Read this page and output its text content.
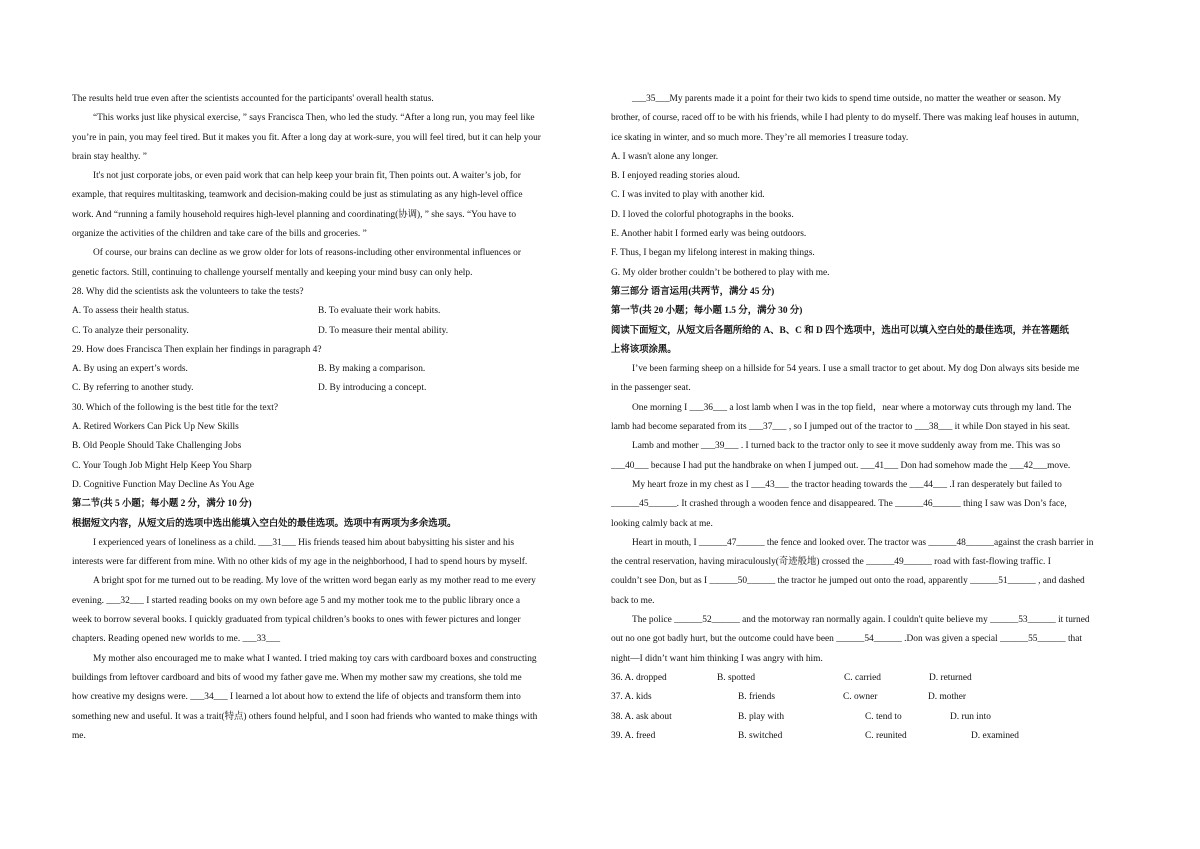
The results held true even after the scientists accounted for the participants' overall health status.
“This works just like physical exercise, ” says Francisca Then, who led the study. “After a long run, you may feel like
you’re in pain, you may feel tired. But it makes you fit. After a long day at work-sure, you will feel tired, but it can help your
brain stay healthy. ”
It's not just corporate jobs, or even paid work that can help keep your brain fit, Then points out. A waiter’s job, for
example, that requires multitasking, teamwork and decision-making could be just as stimulating as any high-level office
work. And “running a family household requires high-level planning and coordinating(协调), ” she says. “You have to
organize the activities of the children and take care of the bills and groceries. ”
Of course, our brains can decline as we grow older for lots of reasons-including other environmental influences or
genetic factors. Still, continuing to challenge yourself mentally and keeping your mind busy can only help.
28. Why did the scientists ask the volunteers to take the tests?
A. To assess their health status.	B. To evaluate their work habits.
C. To analyze their personality.	D. To measure their mental ability.
29. How does Francisca Then explain her findings in paragraph 4?
A. By using an expert’s words.	B. By making a comparison.
C. By referring to another study.	D. By introducing a concept.
30. Which of the following is the best title for the text?
A. Retired Workers Can Pick Up New Skills
B. Old People Should Take Challenging Jobs
C. Your Tough Job Might Help Keep You Sharp
D. Cognitive Function May Decline As You Age
第二节(共 5 小题；每小题 2 分，满分 10 分)
根据短文内容，从短文后的选项中选出能填入空白处的最佳选项。选项中有两项为多余选项。
I experienced years of loneliness as a child. ___31___ His friends teased him about babysitting his sister and his
interests were far different from mine. With no other kids of my age in the neighborhood, I had to spend hours by myself.
A bright spot for me turned out to be reading. My love of the written word began early as my mother read to me every
evening. ___32___ I started reading books on my own before age 5 and my mother took me to the public library once a
week to borrow several books. I quickly graduated from typical children’s books to ones with fewer pictures and longer
chapters. Reading opened new worlds to me. ___33___
My mother also encouraged me to make what I wanted. I tried making toy cars with cardboard boxes and constructing
buildings from leftover cardboard and bits of wood my father gave me. When my mother saw my creations, she told me
how creative my designs were. ___34___ I learned a lot about how to extend the life of objects and transform them into
something new and useful. It was a trait(特点) others found helpful, and I soon had friends who wanted to make things with
me.
___35___My parents made it a point for their two kids to spend time outside, no matter the weather or season. My
brother, of course, raced off to be with his friends, while I had plenty to do myself. There was making leaf houses in autumn,
ice skating in winter, and so much more. They’re all memories I treasure today.
A. I wasn't alone any longer.
B. I enjoyed reading stories aloud.
C. I was invited to play with another kid.
D. I loved the colorful photographs in the books.
E. Another habit I formed early was being outdoors.
F. Thus, I began my lifelong interest in making things.
G. My older brother couldn’t be bothered to play with me.
第三部分 语言运用(共两节，满分 45 分)
第一节(共 20 小题；每小题 1.5 分，满分 30 分)
阅读下面短文，从短文后各题所给的 A、B、C 和 D 四个选项中，选出可以填入空白处的最佳选项，并在答题纸
上将该项涂黑。
I’ve been farming sheep on a hillside for 54 years. I use a small tractor to get about. My dog Don always sits beside me
in the passenger seat.
One morning I ___36___ a lost lamb when I was in the top field，near where a motorway cuts through my land. The
lamb had become separated from its ___37___ , so I jumped out of the tractor to ___38___ it while Don stayed in his seat.
Lamb and mother ___39___ . I turned back to the tractor only to see it move suddenly away from me. This was so
___40___ because I had put the handbrake on when I jumped out. ___41___ Don had somehow made the ___42___move.
My heart froze in my chest as I ___43___ the tractor heading towards the ___44___ .I ran desperately but failed to
______45______. It crashed through a wooden fence and disappeared. The ______46______ thing I saw was Don’s face,
looking calmly back at me.
Heart in mouth, I ______47______ the fence and looked over. The tractor was ______48______against the crash barrier in
the central reservation, having miraculously(奇迹般地) crossed the ______49______ road with fast-flowing traffic. I
couldn’t see Don, but as I ______50______ the tractor he jumped out onto the road, apparently ______51______ , and dashed
back to me.
The police ______52______ and the motorway ran normally again. I couldn't quite believe my ______53______ it turned
out no one got badly hurt, but the outcome could have been ______54______ .Don was given a special ______55______ that
night—I didn’t want him thinking I was angry with him.
36. A. dropped	B. spotted	C. carried	D. returned
37. A. kids	B. friends	C. owner	D. mother
38. A. ask about	B. play with	C. tend to	D. run into
39. A. freed	B. switched	C. reunited	D. examined
